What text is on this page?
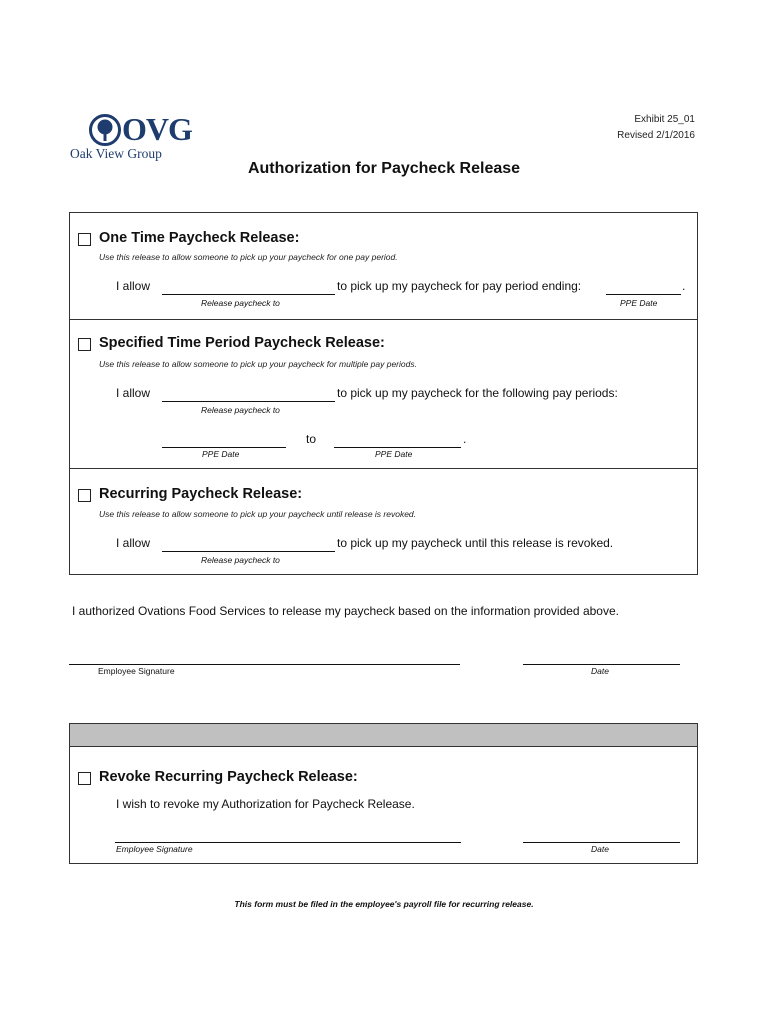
OVG
Oak View Group
Exhibit 25_01
Revised 2/1/2016
Authorization for Paycheck Release
One Time Paycheck Release:
Use this release to allow someone to pick up your paycheck for one pay period.
I allow	to pick up my paycheck for pay period ending:	.
Release paycheck to	PPE Date
Specified Time Period Paycheck Release:
Use this release to allow someone to pick up your paycheck for multiple pay periods.
I allow	to pick up my paycheck for the following pay periods:
Release paycheck to
to	.
PPE Date	PPE Date
Recurring Paycheck Release:
Use this release to allow someone to pick up your paycheck until release is revoked.
I allow	to pick up my paycheck until this release is revoked.
Release paycheck to
I authorized Ovations Food Services to release my paycheck based on the information provided above.
Employee Signature	Date
Revoke Recurring Paycheck Release:
I wish to revoke my Authorization for Paycheck Release.
Employee Signature	Date
This form must be filed in the employee's payroll file for recurring release.
